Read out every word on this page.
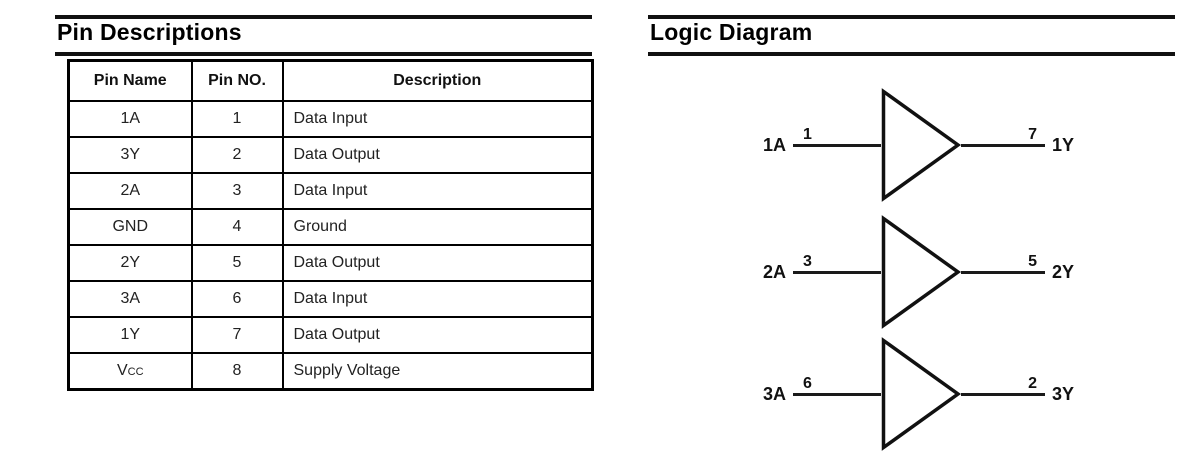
Pin Descriptions	Logic Diagram
Pin Name	Pin NO.	Description
1A	1	Data Input
3Y	2	Data Output
2A	3	Data Input
GND	4	Ground
2Y	5	Data Output
3A	6	Data Input
1Y	7	Data Output
VCC	8	Supply Voltage
1A	1	7 1Y
2A	3	5 2Y
3A	6	2 3Y
